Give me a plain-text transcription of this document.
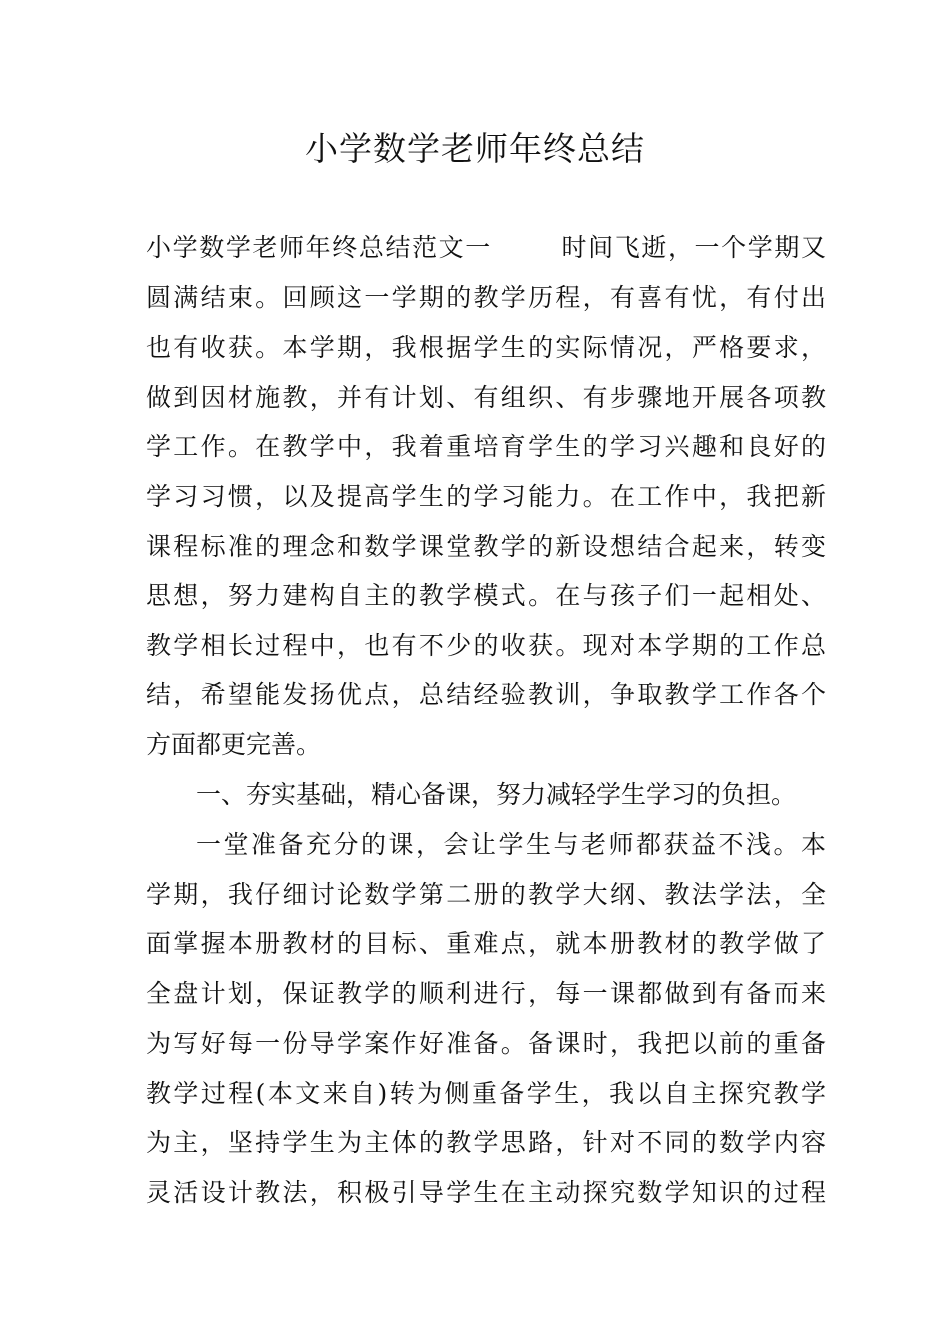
小学数学老师年终总结

小学数学老师年终总结范文一	时间飞逝，一个学期又

圆满结束。回顾这一学期的教学历程，有喜有忧，有付出

也有收获。本学期，我根据学生的实际情况，严格要求，

做到因材施教，并有计划、有组织、有步骤地开展各项教

学工作。在教学中，我着重培育学生的学习兴趣和良好的

学习习惯，以及提高学生的学习能力。在工作中，我把新

课程标准的理念和数学课堂教学的新设想结合起来，转变

思想，努力建构自主的教学模式。在与孩子们一起相处、

教学相长过程中，也有不少的收获。现对本学期的工作总

结，希望能发扬优点，总结经验教训，争取教学工作各个

方面都更完善。

一、夯实基础，精心备课，努力减轻学生学习的负担。

一堂准备充分的课，会让学生与老师都获益不浅。本

学期，我仔细讨论数学第二册的教学大纲、教法学法，全

面掌握本册教材的目标、重难点，就本册教材的教学做了

全盘计划，保证教学的顺利进行，每一课都做到有备而来

为写好每一份导学案作好准备。备课时，我把以前的重备

教学过程(本文来自)转为侧重备学生，我以自主探究教学

为主，坚持学生为主体的教学思路，针对不同的数学内容

灵活设计教法，积极引导学生在主动探究数学知识的过程
